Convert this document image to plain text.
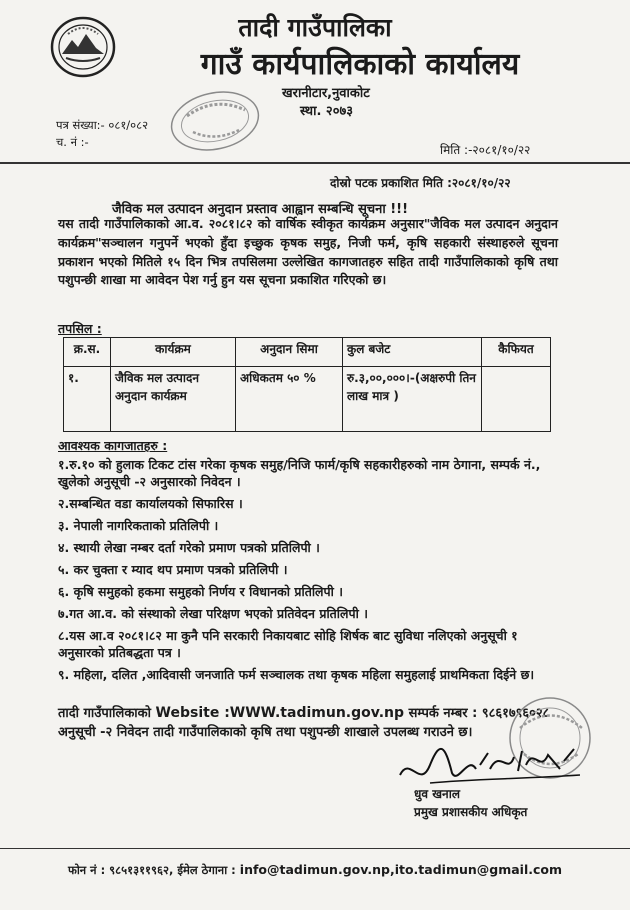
तादी गाउँपालिका
गाउँ कार्यपालिकाको कार्यालय
खरानीटार,नुवाकोट
स्था. २०७३
पत्र संख्या:- ०८१/०८२
च. नं :-
मिति :-२०८१/१०/२२
दोस्रो पटक प्रकाशित मिति :२०८१/१०/२२
जैविक मल उत्पादन अनुदान प्रस्ताव आह्वान सम्बन्धि सूचना !!!
यस तादी गाउँपालिकाको आ.व. २०८१।८२ को वार्षिक स्वीकृत कार्यक्रम अनुसार"जैविक मल उत्पादन अनुदान कार्यक्रम"सञ्चालन गनुपर्ने भएको हुँदा इच्छुक कृषक समुह, निजी फर्म, कृषि सहकारी संस्थाहरुले सूचना प्रकाशन भएको मितिले १५ दिन भित्र तपसिलमा उल्लेखित कागजातहरु सहित तादी गाउँपालिकाको कृषि तथा पशुपन्छी शाखा मा आवेदन पेश गर्नु हुन यस सूचना प्रकाशित गरिएको छ।
तपसिल :
क्र.स.	कार्यक्रम	अनुदान सिमा	कुल बजेट	कैफियत
१.	जैविक मल उत्पादन अनुदान कार्यक्रम	अधिकतम ५० %	रु.३,००,०००।-(अक्षरुपी तिन लाख मात्र )	
आवश्यक कागजातहरु :
१.रु.१० को हुलाक टिकट टांस गरेका कृषक समुह/निजि फार्म/कृषि सहकारीहरुको नाम ठेगाना, सम्पर्क नं., खुलेको अनुसूची -२ अनुसारको निवेदन ।
२.सम्बन्धित वडा कार्यालयको सिफारिस ।
३. नेपाली नागरिकताको प्रतिलिपी ।
४. स्थायी लेखा नम्बर दर्ता गरेको प्रमाण पत्रको प्रतिलिपी ।
५. कर चुक्ता र म्याद थप प्रमाण पत्रको प्रतिलिपी ।
६. कृषि समुहको हकमा समुहको निर्णय र विधानको प्रतिलिपी ।
७.गत आ.व. को संस्थाको लेखा परिक्षण भएको प्रतिवेदन प्रतिलिपी ।
८.यस आ.व २०८१।८२ मा कुनै पनि सरकारी निकायबाट सोहि शिर्षक बाट सुविधा नलिएको अनुसूची १ अनुसारको प्रतिबद्धता पत्र ।
९. महिला, दलित ,आदिवासी जनजाति फर्म सञ्चालक तथा कृषक महिला समुहलाई प्राथमिकता दिईने छ।
तादी गाउँपालिकाको Website :WWW.tadimun.gov.np सम्पर्क नम्बर : ९८६१७९६०२८
अनुसूची -२ निवेदन तादी गाउँपालिकाको कृषि तथा पशुपन्छी शाखाले उपलब्ध गराउने छ।
धुव खनाल
प्रमुख प्रशासकीय अधिकृत
फोन नं : ९८५१३११९६२, ईमेल ठेगाना : info@tadimun.gov.np,ito.tadimun@gmail.com
